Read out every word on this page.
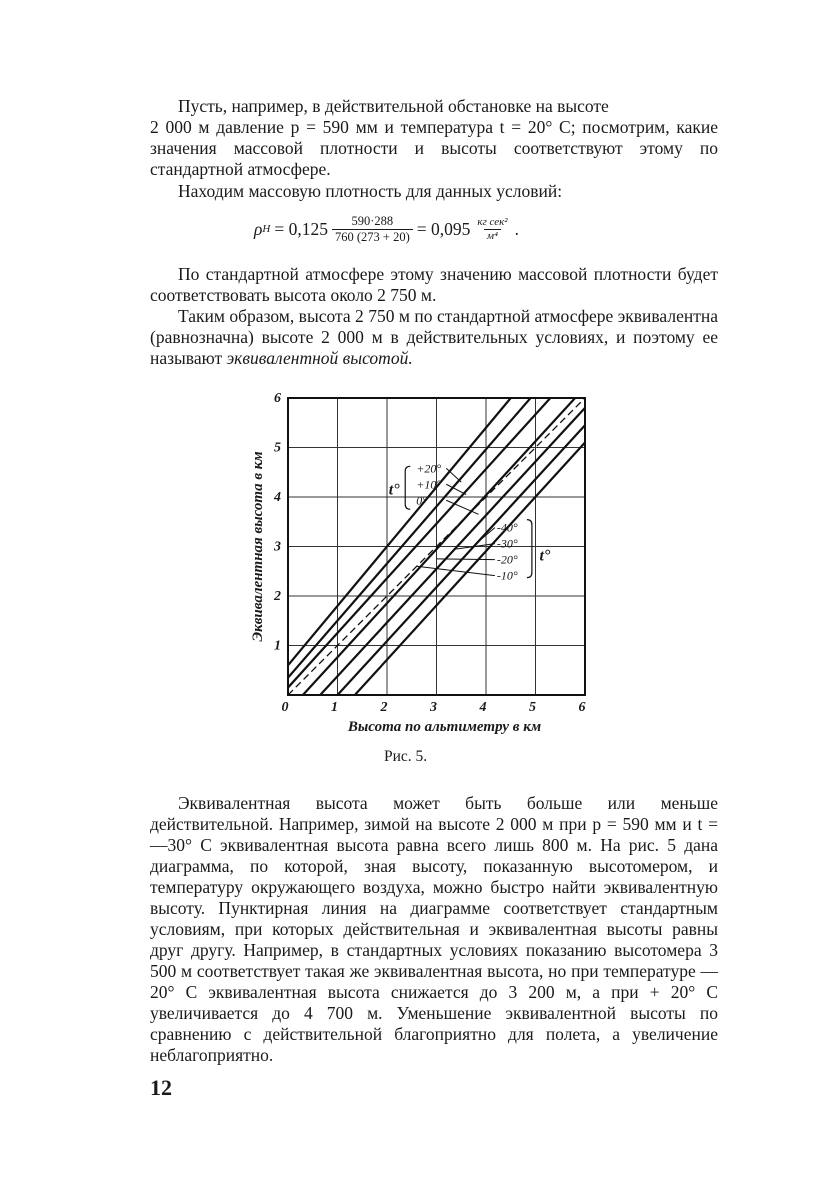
Пусть, например, в действительной обстановке на высоте

2 000 м давление p = 590 мм и температура t = 20° C; посмотрим, какие значения массовой плотности и высоты соответствуют этому по стандартной атмосфере.

Находим массовую плотность для данных условий:

ρ $H = 0,125 \frac{590\cdot 288}{760 (273 + 20)} = 0,095 \frac{\text{кг сек²}}{\text{м⁴}}$ .

По стандартной атмосфере этому значению массовой плотности будет соответствовать высота около 2 750 м.

Таким образом, высота 2 750 м по стандартной атмосфере эквивалентна (равнозначна) высоте 2 000 м в действительных условиях, и поэтому ее называют эквивалентной высотой.

0	1	2	3	4	5	6
1
2
3
4
5
6
Высота по альтиметру в км
Эквивалентная высота в км	t°
+20°
+10°
0°
-40°
-30°
-20°
-10°
t°
Рис. 5.

Эквивалентная высота может быть больше или меньше действительной. Например, зимой на высоте 2 000 м при p = 590 мм и t = —30° C эквивалентная высота равна всего лишь 800 м. На рис. 5 дана диаграмма, по которой, зная высоту, показанную высотомером, и температуру окружающего воздуха, можно быстро найти эквивалентную высоту. Пунктирная линия на диаграмме соответствует стандартным условиям, при которых действительная и эквивалентная высоты равны друг другу. Например, в стандартных условиях показанию высотомера 3 500 м соответствует такая же эквивалентная высота, но при температуре —20° C эквивалентная высота снижается до 3 200 м, а при + 20° C увеличивается до 4 700 м. Уменьшение эквивалентной высоты по сравнению с действительной благоприятно для полета, а увеличение неблагоприятно.

12
